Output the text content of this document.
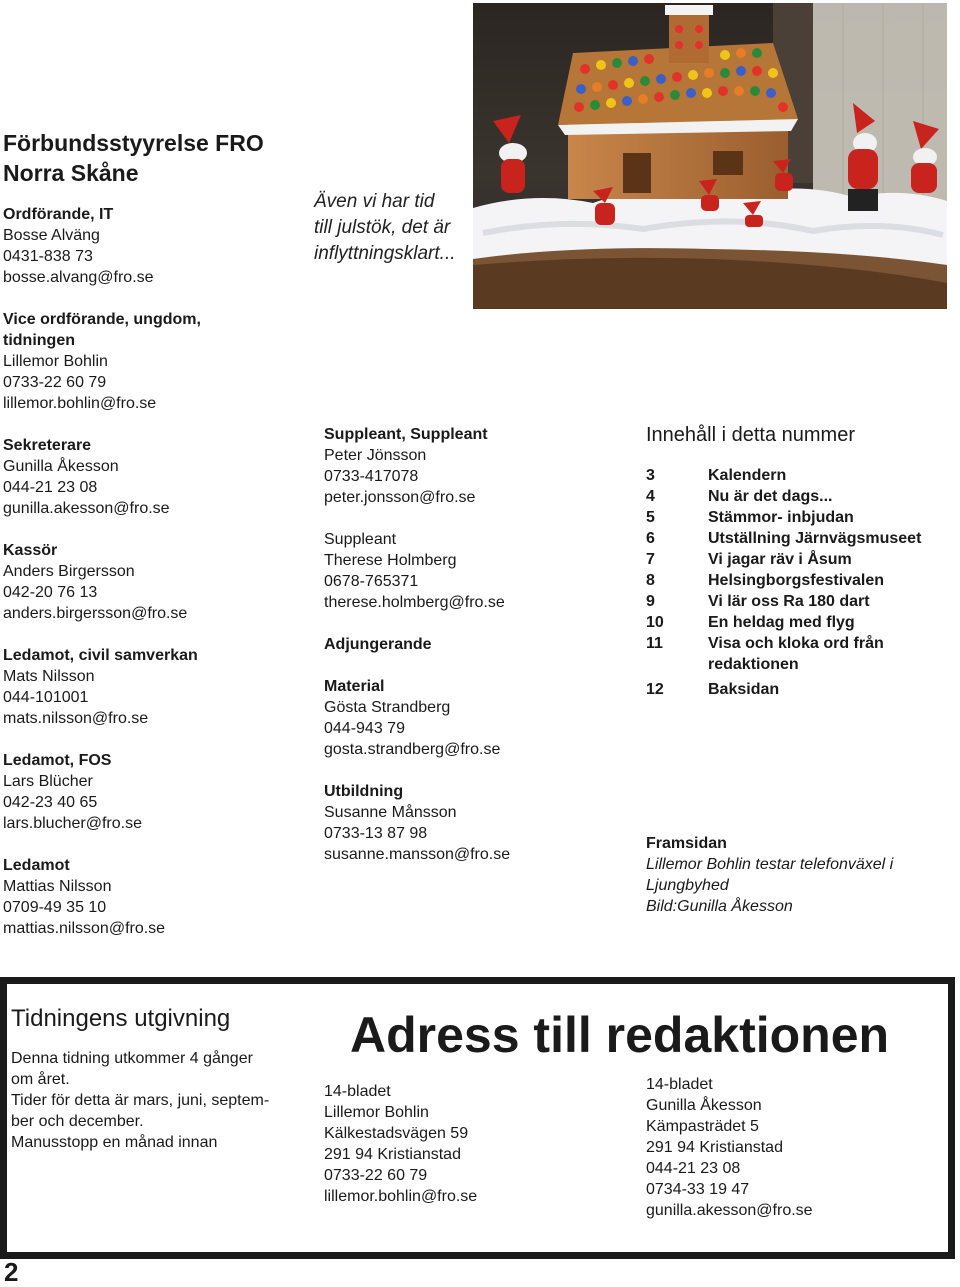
Förbundsstyyrelse FRO
Norra Skåne
Ordförande, IT
Bosse Alväng
0431-838 73
bosse.alvang@fro.se
Vice ordförande, ungdom,
tidningen
Lillemor Bohlin
0733-22 60 79
lillemor.bohlin@fro.se
Sekreterare
Gunilla Åkesson
044-21 23 08
gunilla.akesson@fro.se
Kassör
Anders Birgersson
042-20 76 13
anders.birgersson@fro.se
Ledamot, civil samverkan
Mats Nilsson
044-101001
mats.nilsson@fro.se
Ledamot, FOS
Lars Blücher
042-23 40 65
lars.blucher@fro.se
Ledamot
Mattias Nilsson
0709-49 35 10
mattias.nilsson@fro.se
Även vi har tid
till julstök, det är
inflyttningsklart...
Suppleant, Suppleant
Peter Jönsson
0733-417078
peter.jonsson@fro.se
Suppleant
Therese Holmberg
0678-765371
therese.holmberg@fro.se
Adjungerande
Material
Gösta Strandberg
044-943 79
gosta.strandberg@fro.se
Utbildning
Susanne Månsson
0733-13 87 98
susanne.mansson@fro.se
Innehåll i detta nummer
3	Kalendern
4	Nu är det dags...
5	Stämmor- inbjudan
6	Utställning Järnvägsmuseet
7	Vi jagar räv i Åsum
8	Helsingborgsfestivalen
9	Vi lär oss Ra 180 dart
10	En heldag med flyg
11	Visa och kloka ord från
redaktionen
12	Baksidan
Framsidan
Lillemor Bohlin testar telefonväxel i
Ljungbyhed
Bild:Gunilla Åkesson
Tidningens utgivning
Denna tidning utkommer 4 gånger
om året.
Tider för detta är mars, juni, septem-
ber och december.
Manusstopp en månad innan
Adress till redaktionen
14-bladet
Lillemor Bohlin
Kälkestadsvägen 59
291 94 Kristianstad
0733-22 60 79
lillemor.bohlin@fro.se
14-bladet
Gunilla Åkesson
Kämpasträdet 5
291 94 Kristianstad
044-21 23 08
0734-33 19 47
gunilla.akesson@fro.se
2
